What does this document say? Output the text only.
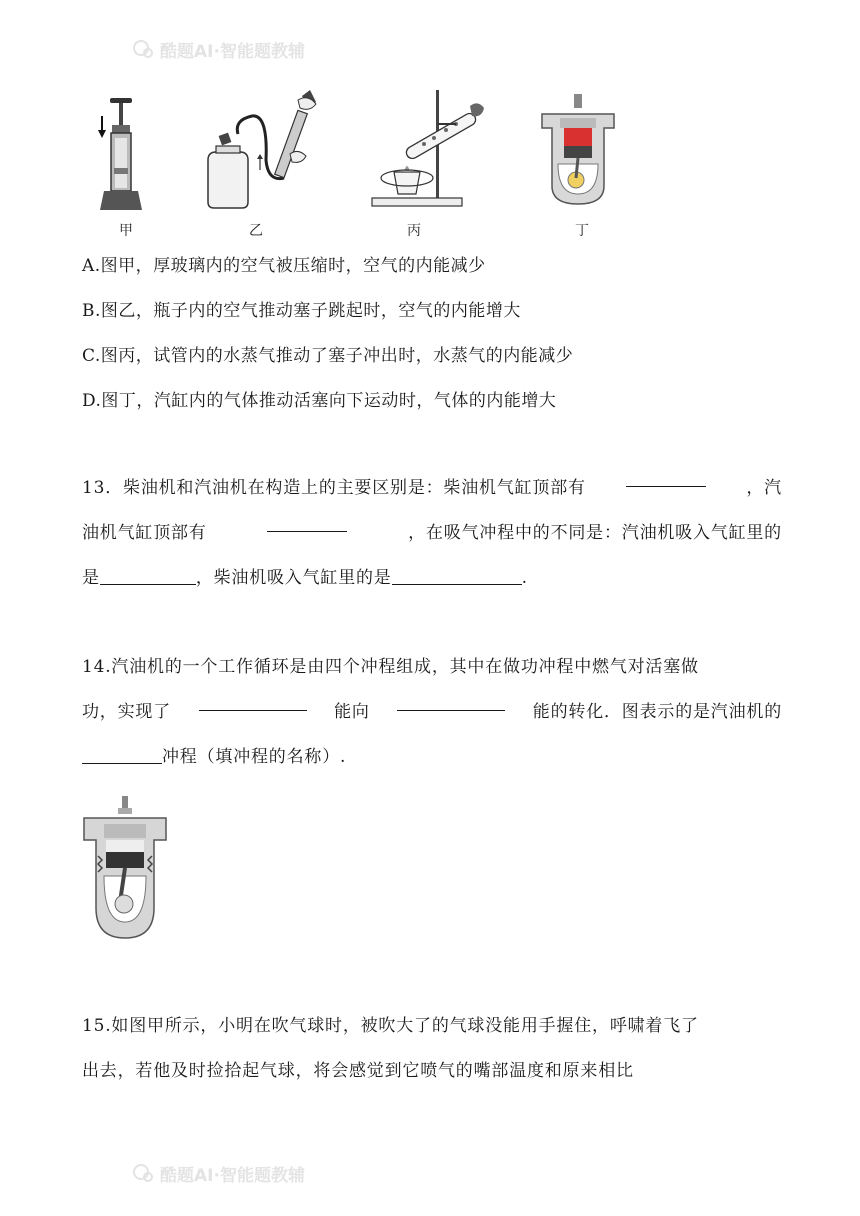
酷题AI·智能题教辅
甲	乙	丙	丁
A.图甲，厚玻璃内的空气被压缩时，空气的内能减少
B.图乙，瓶子内的空气推动塞子跳起时，空气的内能增大
C.图丙，试管内的水蒸气推动了塞子冲出时，水蒸气的内能减少
D.图丁，汽缸内的气体推动活塞向下运动时，气体的内能增大
13．柴油机和汽油机在构造上的主要区别是：柴油机气缸顶部有	，汽
油机气缸顶部有	，在吸气冲程中的不同是：汽油机吸入气缸里的
是	，柴油机吸入气缸里的是	.
14.汽油机的一个工作循环是由四个冲程组成，其中在做功冲程中燃气对活塞做
功，实现了	能向	能的转化．图表示的是汽油机的
冲程（填冲程的名称）.
15.如图甲所示，小明在吹气球时，被吹大了的气球没能用手握住，呼啸着飞了
出去，若他及时捡拾起气球，将会感觉到它喷气的嘴部温度和原来相比
酷题AI·智能题教辅
